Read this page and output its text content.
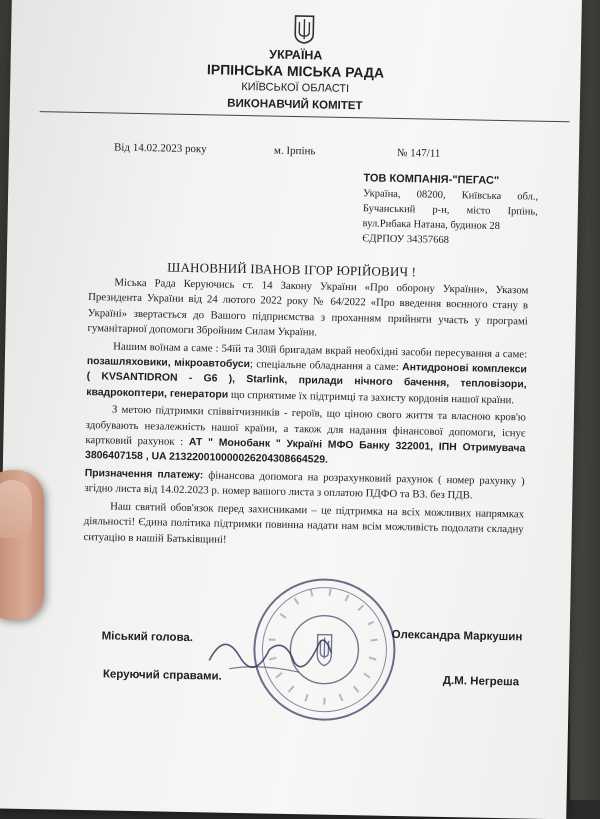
УКРАЇНА
ІРПІНСЬКА МІСЬКА РАДА
КИЇВСЬКОЇ ОБЛАСТІ
ВИКОНАВЧИЙ КОМІТЕТ
Від 14.02.2023 року	м. Ірпінь	№ 147/11
ТОВ КОМПАНІЯ-"ПЕГАС"
Україна, 08200, Київська обл., Бучанський р-н, місто Ірпінь, вул.Рибака Натана, будинок 28
ЄДРПОУ 34357668
ШАНОВНИЙ ІВАНОВ ІГОР ЮРІЙОВИЧ !

Міська Рада Керуючись ст. 14 Закону України «Про оборону України», Указом Президента України від 24 лютого 2022 року № 64/2022 «Про введення воєнного стану в Україні» звертається до Вашого підприємства з проханням прийняти участь у програмі гуманітарної допомоги Збройним Силам України.

Нашим воїнам а саме : 54їй та 30їй бригадам вкрай необхідні засоби пересування а саме: позашляховики, мікроавтобуси; спеціальне обладнання а саме: Антидронові комплекси ( KVSANTIDRON - G6 ), Starlink, прилади нічного бачення, тепловізори, квадрокоптери, генератори що сприятиме їх підтримці та захисту кордонів нашої країни.

З метою підтримки співвітчизників - героїв, що ціною свого життя та власною кров'ю здобувають незалежність нашої країни, а також для надання фінансової допомоги, існує картковий рахунок : АТ " Монобанк " Україні МФО Банку 322001, ІПН Отримувача 3806407158 , UA 213220010000026204308664529.

Призначення платежу: фінансова допомога на розрахунковий рахунок ( номер рахунку ) згідно листа від 14.02.2023 р. номер вашого листа з оплатою ПДФО та ВЗ. без ПДВ.

Наш святий обов'язок перед захисниками – це підтримка на всіх можливих напрямках діяльності! Єдина політика підтримки повинна надати нам всім можливість подолати складну ситуацію в нашій Батьківщині!

Міський голова.	Олександра Маркушин
Керуючий справами.	Д.М. Негреша
